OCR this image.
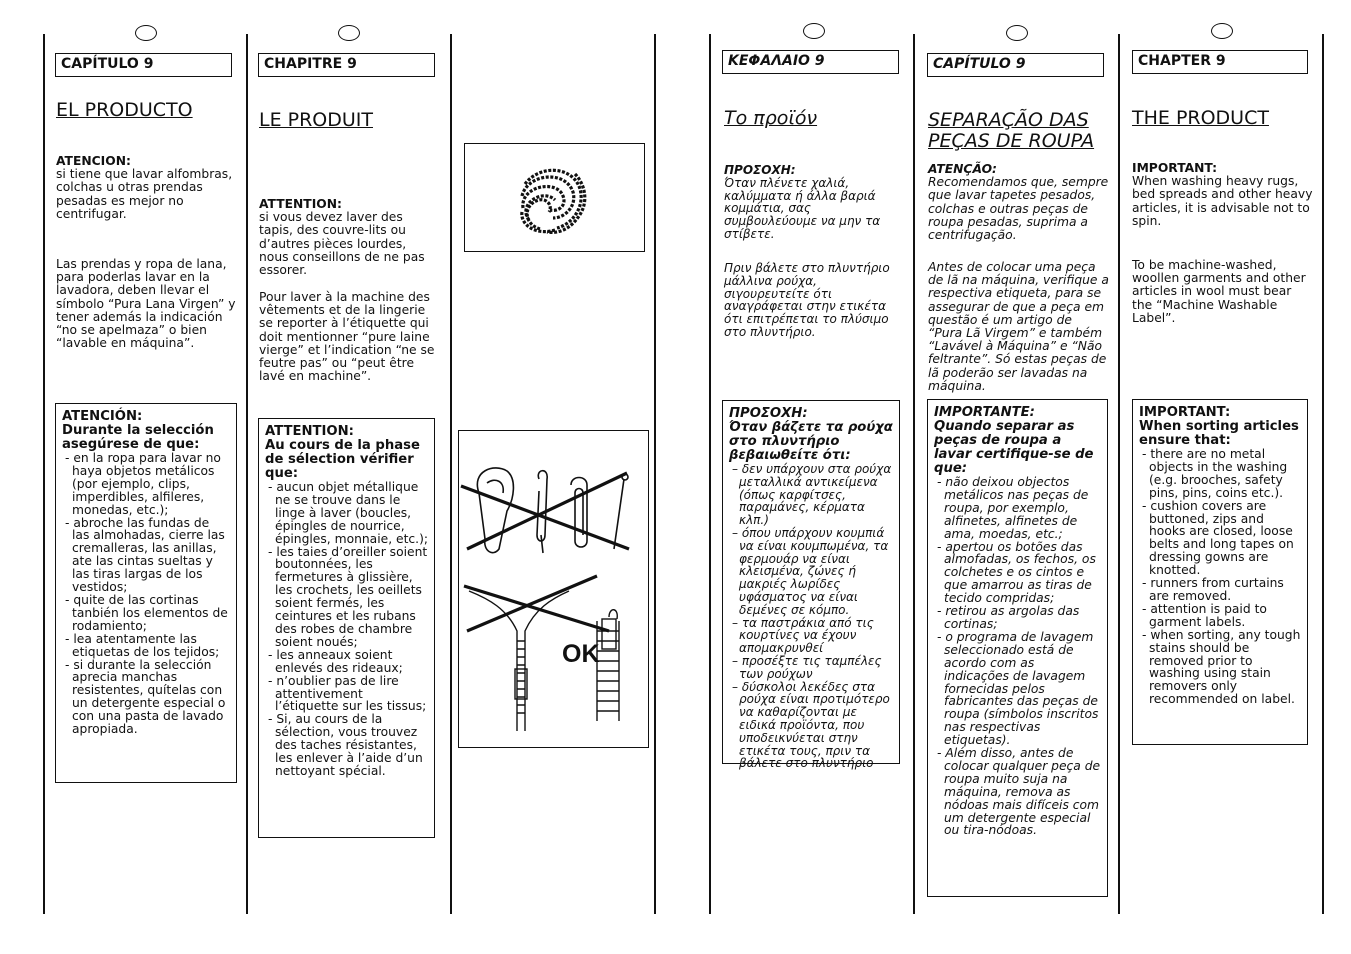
CAPÍTULO 9
EL PRODUCTO
ATENCION:
si tiene que lavar alfombras, colchas u otras prendas pesadas es mejor no centrifugar.
Las prendas y ropa de lana, para poderlas lavar en la lavadora, deben llevar el símbolo “Pura Lana Virgen” y tener además la indicación “no se apelmaza” o bien “lavable en máquina”.
ATENCIÓN:
Durante la selección asegúrese de que:
- en la ropa para lavar no haya objetos metálicos (por ejemplo, clips, imperdibles, alfileres, monedas, etc.);
- abroche las fundas de las almohadas, cierre las cremalleras, las anillas, ate las cintas sueltas y las tiras largas de los vestidos;
- quite de las cortinas tanbién los elementos de rodamiento;
- lea atentamente las etiquetas de los tejidos;
- si durante la selección aprecia manchas resistentes, quítelas con un detergente especial o con una pasta de lavado apropiada.
CHAPITRE 9
LE PRODUIT
ATTENTION:
si vous devez laver des tapis, des couvre-lits ou d’autres pièces lourdes, nous conseillons de ne pas essorer.
Pour laver à la machine des vêtements et de la lingerie se reporter à l’étiquette qui doit mentionner “pure laine vierge” et l’indication “ne se feutre pas” ou “peut être lavé en machine”.
ATTENTION:
Au cours de la phase de sélection vérifier que:
- aucun objet métallique ne se trouve dans le linge à laver (boucles, épingles de nourrice, épingles, monnaie, etc.);
- les taies d’oreiller soient boutonnées, les fermetures à glissière, les crochets, les oeillets soient fermés, les ceintures et les rubans des robes de chambre soient noués;
- les anneaux soient enlevés des rideaux;
- n’oublier pas de lire attentivement l’étiquette sur les tissus;
- Si, au cours de la sélection, vous trouvez des taches résistantes, les enlever à l’aide d’un nettoyant spécial.
OK
ΚΕΦΑΛΑΙΟ 9
Το προϊόν
ΠΡΟΣΟΧΗ:
Όταν πλένετε χαλιά, καλύμματα ή άλλα βαριά κομμάτια, σας συμβουλεύουμε να μην τα στίβετε.
Πριν βάλετε στο πλυντήριο μάλλινα ρούχα, σιγουρευτείτε ότι αναγράφεται στην ετικέτα ότι επιτρέπεται το πλύσιμο στο πλυντήριο.
ΠΡΟΣΟΧΗ:
Όταν βάζετε τα ρούχα στο πλυντήριο βεβαιωθείτε ότι:
– δεν υπάρχουν στα ρούχα μεταλλικά αντικείμενα (όπως καρφίτσες, παραμάνες, κέρματα κλπ.)
– όπου υπάρχουν κουμπιά να είναι κουμπωμένα, τα φερμουάρ να είναι κλεισμένα, ζώνες ή μακριές λωρίδες υφάσματος να είναι δεμένες σε κόμπο.
– τα παστράκια από τις κουρτίνες να έχουν απομακρυνθεί
– προσέξτε τις ταμπέλες των ρούχων
– δύσκολοι λεκέδες στα ρούχα είναι προτιμότερο να καθαρίζονται με ειδικά προϊόντα, που υποδεικνύεται στην ετικέτα τους, πριν τα βάλετε στο πλυντήριο
CAPÍTULO 9
SEPARAÇÃO DAS PEÇAS DE ROUPA
ATENÇÃO:
Recomendamos que, sempre que lavar tapetes pesados, colchas e outras peças de roupa pesadas, suprima a centrifugação.
Antes de colocar uma peça de lã na máquina, verifique a respectiva etiqueta, para se assegurar de que a peça em questão é um artigo de “Pura Lã Virgem” e também “Lavável à Máquina” e “Não feltrante”. Só estas peças de lã poderão ser lavadas na máquina.
IMPORTANTE:
Quando separar as peças de roupa a lavar certifique-se de que:
- não deixou objectos metálicos nas peças de roupa, por exemplo, alfinetes, alfinetes de ama, moedas, etc.;
- apertou os botões das almofadas, os fechos, os colchetes e os cintos e que amarrou as tiras de tecido compridas;
- retirou as argolas das cortinas;
- o programa de lavagem seleccionado está de acordo com as indicações de lavagem fornecidas pelos fabricantes das peças de roupa (símbolos inscritos nas respectivas etiquetas).
- Além disso, antes de colocar qualquer peça de roupa muito suja na máquina, remova as nódoas mais difíceis com um detergente especial ou tira-nódoas.
CHAPTER 9
THE PRODUCT
IMPORTANT:
When washing heavy rugs, bed spreads and other heavy articles, it is advisable not to spin.
To be machine-washed, woollen garments and other articles in wool must bear the “Machine Washable Label”.
IMPORTANT:
When sorting articles ensure that:
- there are no metal objects in the washing (e.g. brooches, safety pins, pins, coins etc.).
- cushion covers are buttoned, zips and hooks are closed, loose belts and long tapes on dressing gowns are knotted.
- runners from curtains are removed.
- attention is paid to garment labels.
- when sorting, any tough stains should be removed prior to washing using stain removers only recommended on label.
